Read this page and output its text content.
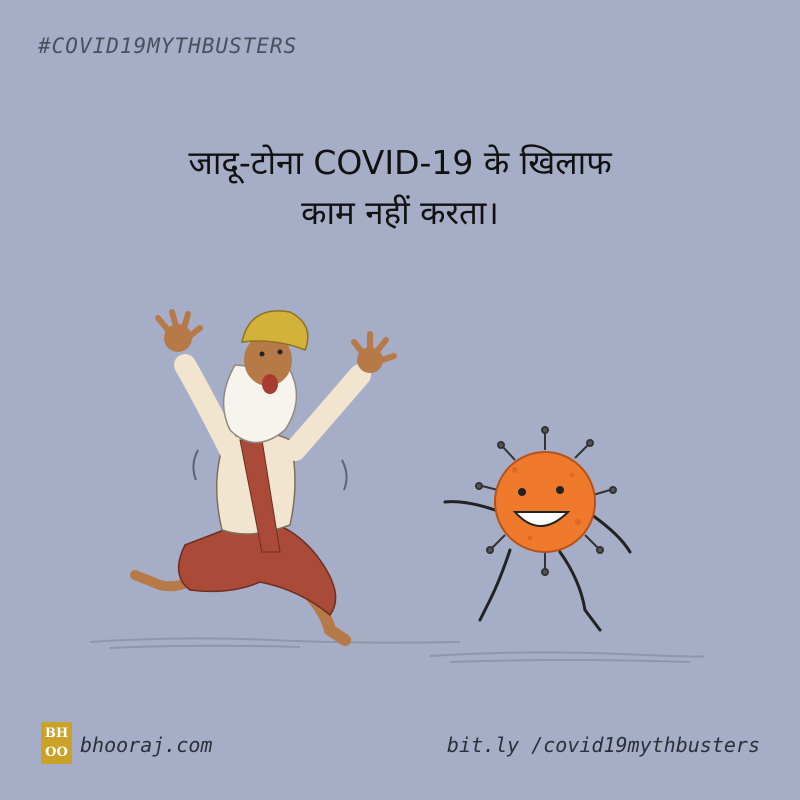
#COVID19MYTHBUSTERS
जादू-टोना COVID-19 के खिलाफ
काम नहीं करता।
BH
OO bhooraj.com	bit.ly /covid19mythbusters
